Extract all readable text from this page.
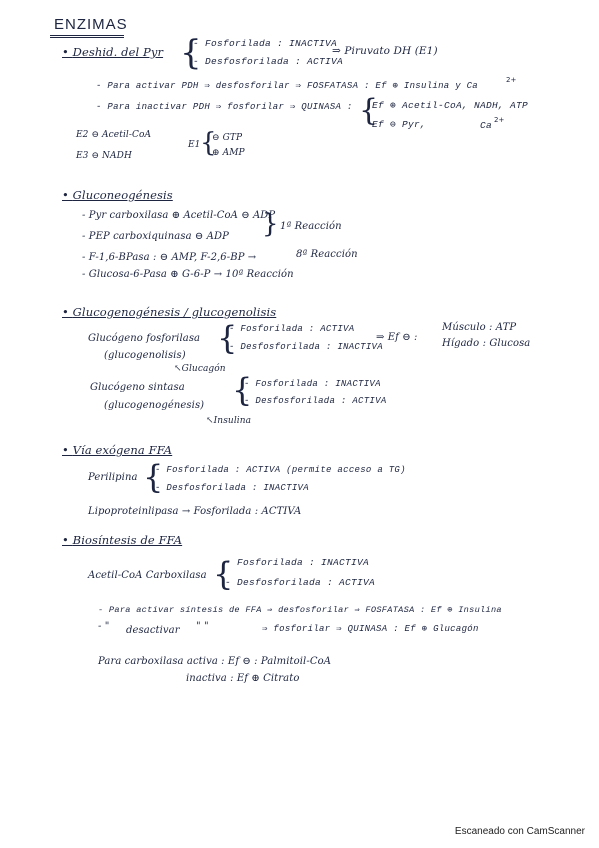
ENZIMAS
• Deshid. del Pyr {
- Fosforilada : INACTIVA
- Desfosforilada : ACTIVA
⇒ Piruvato DH (E1)
- Para activar PDH ⇒ desfosforilar ⇒ FOSFATASA : Ef ⊕ Insulina y Ca
2+
- Para inactivar PDH ⇒ fosforilar ⇒ QUINASA : {
Ef ⊕ Acetil-CoA, NADH, ATP
Ef ⊖ Pyr,	Ca 2+
E2 ⊖ Acetil-CoA
E3 ⊖ NADH
E1 {
⊖ GTP
⊕ AMP
• Gluconeogénesis
- Pyr carboxilasa ⊕ Acetil-CoA ⊖ ADP
- PEP carboxiquinasa ⊖ ADP { 1ª Reacción
- F-1,6-BPasa : ⊖ AMP, F-2,6-BP →	8ª Reacción
- Glucosa-6-Pasa ⊕ G-6-P → 10ª Reacción
• Glucogenogénesis / glucogenolisis
Glucógeno fosforilasa
(glucogenolisis) {
- Fosforilada : ACTIVA
- Desfosforilada : INACTIVA
⇒ Ef ⊖ :
Músculo : ATP
Hígado : Glucosa
↖Glucagón
Glucógeno sintasa
(glucogenogénesis) {
- Fosforilada : INACTIVA
- Desfosforilada : ACTIVA
↖Insulina
• Vía exógena FFA
Perilipina {
- Fosforilada : ACTIVA (permite acceso a TG)
- Desfosforilada : INACTIVA
Lipoproteinlipasa → Fosforilada : ACTIVA
• Biosíntesis de FFA
Acetil-CoA Carboxilasa {
- Fosforilada : INACTIVA
- Desfosforilada : ACTIVA
- Para activar síntesis de FFA ⇒ desfosforilar ⇒ FOSFATASA : Ef ⊕ Insulina
- " desactivar " "	⇒ fosforilar ⇒ QUINASA : Ef ⊕ Glucagón
Para carboxilasa activa : Ef ⊖ : Palmitoil-CoA
inactiva : Ef ⊕ Citrato
Escaneado con CamScanner
